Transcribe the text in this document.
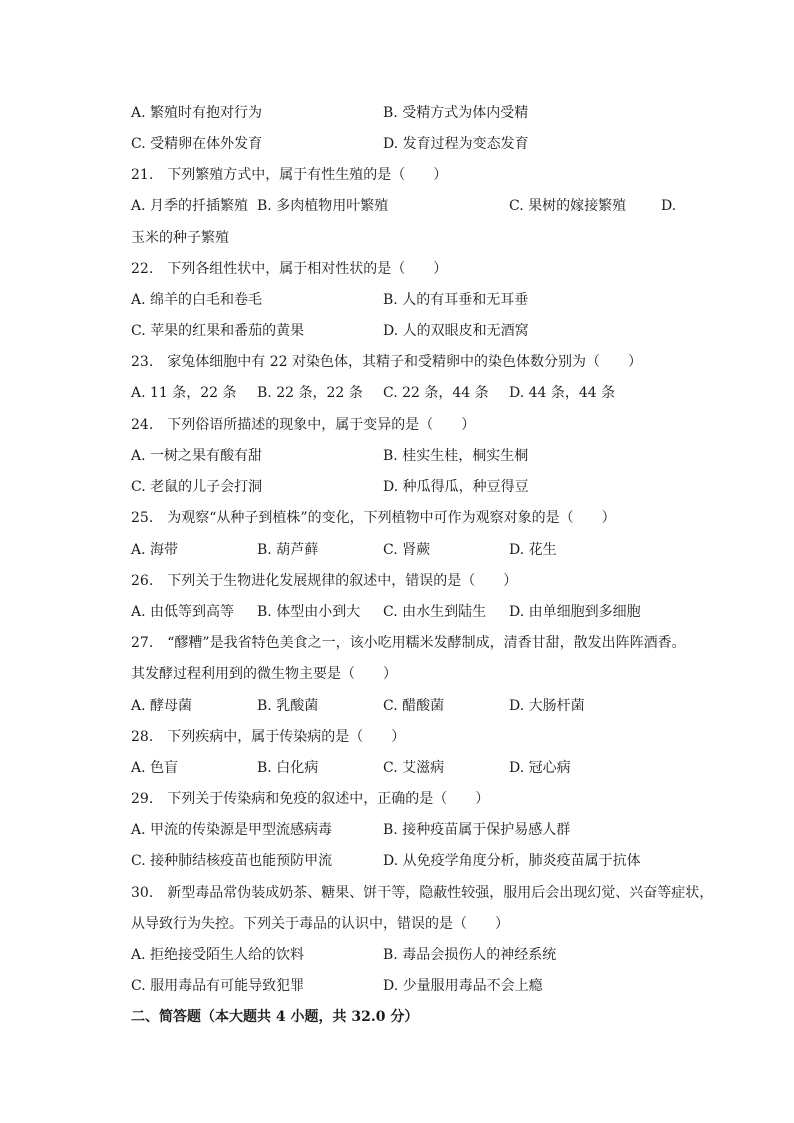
A. 繁殖时有抱对行为	B. 受精方式为体内受精
C. 受精卵在体外发育	D. 发育过程为变态发育
21.　下列繁殖方式中，属于有性生殖的是（　　）
A. 月季的扦插繁殖 B. 多肉植物用叶繁殖	C. 果树的嫁接繁殖 D.
玉米的种子繁殖
22.　下列各组性状中，属于相对性状的是（　　）
A. 绵羊的白毛和卷毛	B. 人的有耳垂和无耳垂
C. 苹果的红果和番茄的黄果	D. 人的双眼皮和无酒窝
23.　家兔体细胞中有 22 对染色体，其精子和受精卵中的染色体数分别为（　　）
A. 11 条，22 条 B. 22 条，22 条 C. 22 条，44 条 D. 44 条，44 条
24.　下列俗语所描述的现象中，属于变异的是（　　）
A. 一树之果有酸有甜	B. 桂实生桂，桐实生桐
C. 老鼠的儿子会打洞	D. 种瓜得瓜，种豆得豆
25.　为观察“从种子到植株”的变化，下列植物中可作为观察对象的是（　　）
A. 海带	B. 葫芦藓	C. 肾蕨	D. 花生
26.　下列关于生物进化发展规律的叙述中，错误的是（　　）
A. 由低等到高等 B. 体型由小到大 C. 由水生到陆生 D. 由单细胞到多细胞
27.　“醪糟”是我省特色美食之一，该小吃用糯米发酵制成，清香甘甜，散发出阵阵酒香。
其发酵过程利用到的微生物主要是（　　）
A. 酵母菌	B. 乳酸菌	C. 醋酸菌	D. 大肠杆菌
28.　下列疾病中，属于传染病的是（　　）
A. 色盲	B. 白化病	C. 艾滋病	D. 冠心病
29.　下列关于传染病和免疫的叙述中，正确的是（　　）
A. 甲流的传染源是甲型流感病毒	B. 接种疫苗属于保护易感人群
C. 接种肺结核疫苗也能预防甲流	D. 从免疫学角度分析，肺炎疫苗属于抗体
30.　新型毒品常伪装成奶茶、糖果、饼干等，隐蔽性较强，服用后会出现幻觉、兴奋等症状，
从导致行为失控。下列关于毒品的认识中，错误的是（　　）
A. 拒绝接受陌生人给的饮料	B. 毒品会损伤人的神经系统
C. 服用毒品有可能导致犯罪	D. 少量服用毒品不会上瘾
二、简答题（本大题共 4 小题，共 32.0 分）
